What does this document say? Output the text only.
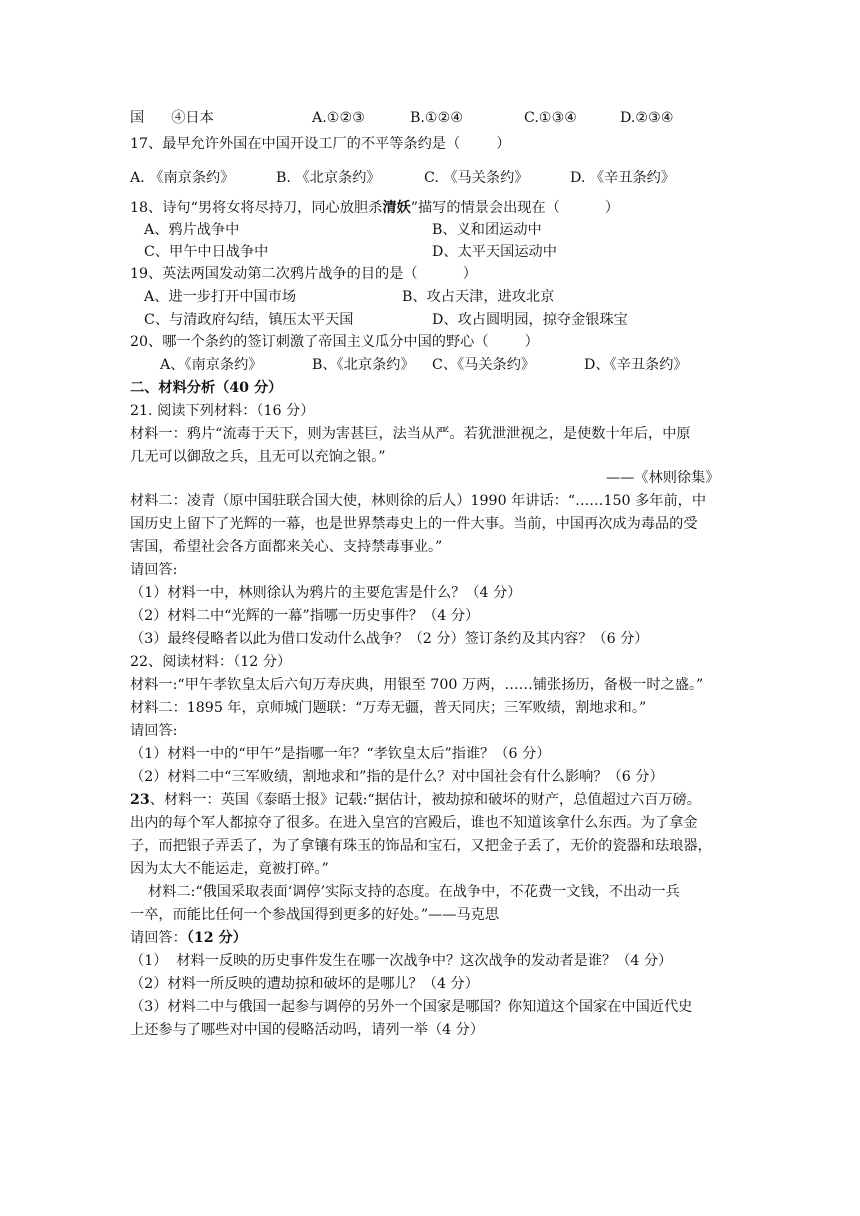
国      ④日本	A.①②③	B.①②④	C.①③④	D.②③④
17、最早允许外国在中国开设工厂的不平等条约是（        ）
A. 《南京条约》	B. 《北京条约》	C. 《马关条约》	D. 《辛丑条约》
18、诗句“男将女将尽持刀，同心放胆杀清妖”描写的情景会出现在（          ）
A、鸦片战争中	B、义和团运动中
C、甲午中日战争中	D、太平天国运动中
19、英法两国发动第二次鸦片战争的目的是（          ）
A、进一步打开中国市场	B、攻占天津，进攻北京
C、与清政府勾结，镇压太平天国	D、攻占圆明园，掠夺金银珠宝
20、哪一个条约的签订刺激了帝国主义瓜分中国的野心（        ）
A、《南京条约》	B、《北京条约》 C、《马关条约》	D、《辛丑条约》
二、材料分析（40 分）
21. 阅读下列材料：（16 分）
材料一：鸦片“流毒于天下，则为害甚巨，法当从严。若犹泄泄视之，是使数十年后，中原
几无可以御敌之兵，且无可以充饷之银。”
——《林则徐集》
材料二：凌青（原中国驻联合国大使，林则徐的后人）1990 年讲话：“……150 多年前，中
国历史上留下了光辉的一幕，也是世界禁毒史上的一件大事。当前，中国再次成为毒品的受
害国，希望社会各方面都来关心、支持禁毒事业。”
请回答:
（1）材料一中，林则徐认为鸦片的主要危害是什么？（4 分）
（2）材料二中“光辉的一幕”指哪一历史事件？（4 分）
（3）最终侵略者以此为借口发动什么战争？（2 分）签订条约及其内容？（6 分）
22、阅读材料：（12 分）
材料一:“甲午孝钦皇太后六旬万寿庆典，用银至 700 万两，……铺张扬历，备极一时之盛。”
材料二：1895 年，京师城门题联：“万寿无疆，普天同庆；三军败绩，割地求和。”
请回答:
（1）材料一中的“甲午”是指哪一年？“孝钦皇太后”指谁？（6 分）
（2）材料二中“三军败绩，割地求和”指的是什么？对中国社会有什么影响？（6 分）
23、材料一：英国《泰晤士报》记载:“据估计，被劫掠和破坏的财产，总值超过六百万磅。
出内的每个军人都掠夺了很多。在进入皇宫的宫殿后，谁也不知道该拿什么东西。为了拿金
子，而把银子弄丢了，为了拿镶有珠玉的饰品和宝石，又把金子丢了，无价的瓷器和珐琅器，
因为太大不能运走，竟被打碎。”
材料二:“俄国采取表面‘调停’实际支持的态度。在战争中，不花费一文钱，不出动一兵
一卒，而能比任何一个参战国得到更多的好处。”——马克思
请回答：（12 分）
（1）  材料一反映的历史事件发生在哪一次战争中？这次战争的发动者是谁？（4 分）
（2）材料一所反映的遭劫掠和破坏的是哪儿？（4 分）
（3）材料二中与俄国一起参与调停的另外一个国家是哪国？你知道这个国家在中国近代史
上还参与了哪些对中国的侵略活动吗，请列一举（4 分）
